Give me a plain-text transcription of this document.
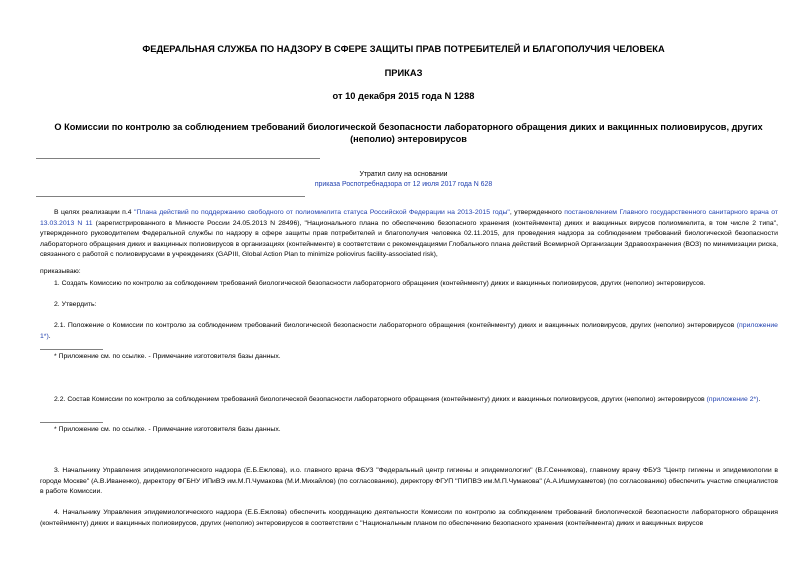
ФЕДЕРАЛЬНАЯ СЛУЖБА ПО НАДЗОРУ В СФЕРЕ ЗАЩИТЫ ПРАВ ПОТРЕБИТЕЛЕЙ И БЛАГОПОЛУЧИЯ ЧЕЛОВЕКА
ПРИКАЗ
от 10 декабря 2015 года N 1288
О Комиссии по контролю за соблюдением требований биологической безопасности лабораторного обращения диких и вакцинных полиовирусов, других (неполио) энтеровирусов
Утратил силу на основании
приказа Роспотребнадзора от 12 июля 2017 года N 628
В целях реализации п.4 "Плана действий по поддержанию свободного от полиомиелита статуса Российской Федерации на 2013-2015 годы", утвержденного постановлением Главного государственного санитарного врача от 13.03.2013 N 11 (зарегистрированного в Минюсте России 24.05.2013 N 28496), "Национального плана по обеспечению безопасного хранения (контейнмента) диких и вакцинных вирусов полиомиелита, в том числе 2 типа", утвержденного руководителем Федеральной службы по надзору в сфере защиты прав потребителей и благополучия человека 02.11.2015, для проведения надзора за соблюдением требований биологической безопасности лабораторного обращения диких и вакцинных полиовирусов в организациях (контейнменте) в соответствии с рекомендациями Глобального плана действий Всемирной Организации Здравоохранения (ВОЗ) по минимизации риска, связанного с работой с полиовирусами в учреждениях (GAPIII, Global Action Plan to minimize poliovirus facility-associated risk),
приказываю:
1. Создать Комиссию по контролю за соблюдением требований биологической безопасности лабораторного обращения (контейнменту) диких и вакцинных полиовирусов, других (неполио) энтеровирусов.
2. Утвердить:
2.1. Положение о Комиссии по контролю за соблюдением требований биологической безопасности лабораторного обращения (контейнменту) диких и вакцинных полиовирусов, других (неполио) энтеровирусов (приложение 1*).
* Приложение см. по ссылке. - Примечание изготовителя базы данных.
2.2. Состав Комиссии по контролю за соблюдением требований биологической безопасности лабораторного обращения (контейнменту) диких и вакцинных полиовирусов, других (неполио) энтеровирусов (приложение 2*).
* Приложение см. по ссылке. - Примечание изготовителя базы данных.
3. Начальнику Управления эпидемиологического надзора (Е.Б.Ежлова), и.о. главного врача ФБУЗ "Федеральный центр гигиены и эпидемиологии" (В.Г.Сенникова), главному врачу ФБУЗ "Центр гигиены и эпидемиологии в городе Москве" (А.В.Иваненко), директору ФГБНУ ИПиВЭ им.М.П.Чумакова (М.И.Михайлов) (по согласованию), директору ФГУП "ПИПВЭ им.М.П.Чумакова" (А.А.Ишмухаметов) (по согласованию) обеспечить участие специалистов в работе Комиссии.
4. Начальнику Управления эпидемиологического надзора (Е.Б.Ежлова) обеспечить координацию деятельности Комиссии по контролю за соблюдением требований биологической безопасности лабораторного обращения (контейнменту) диких и вакцинных полиовирусов, других (неполио) энтеровирусов в соответствии с "Национальным планом по обеспечению безопасного хранения (контейнмента) диких и вакцинных вирусов
